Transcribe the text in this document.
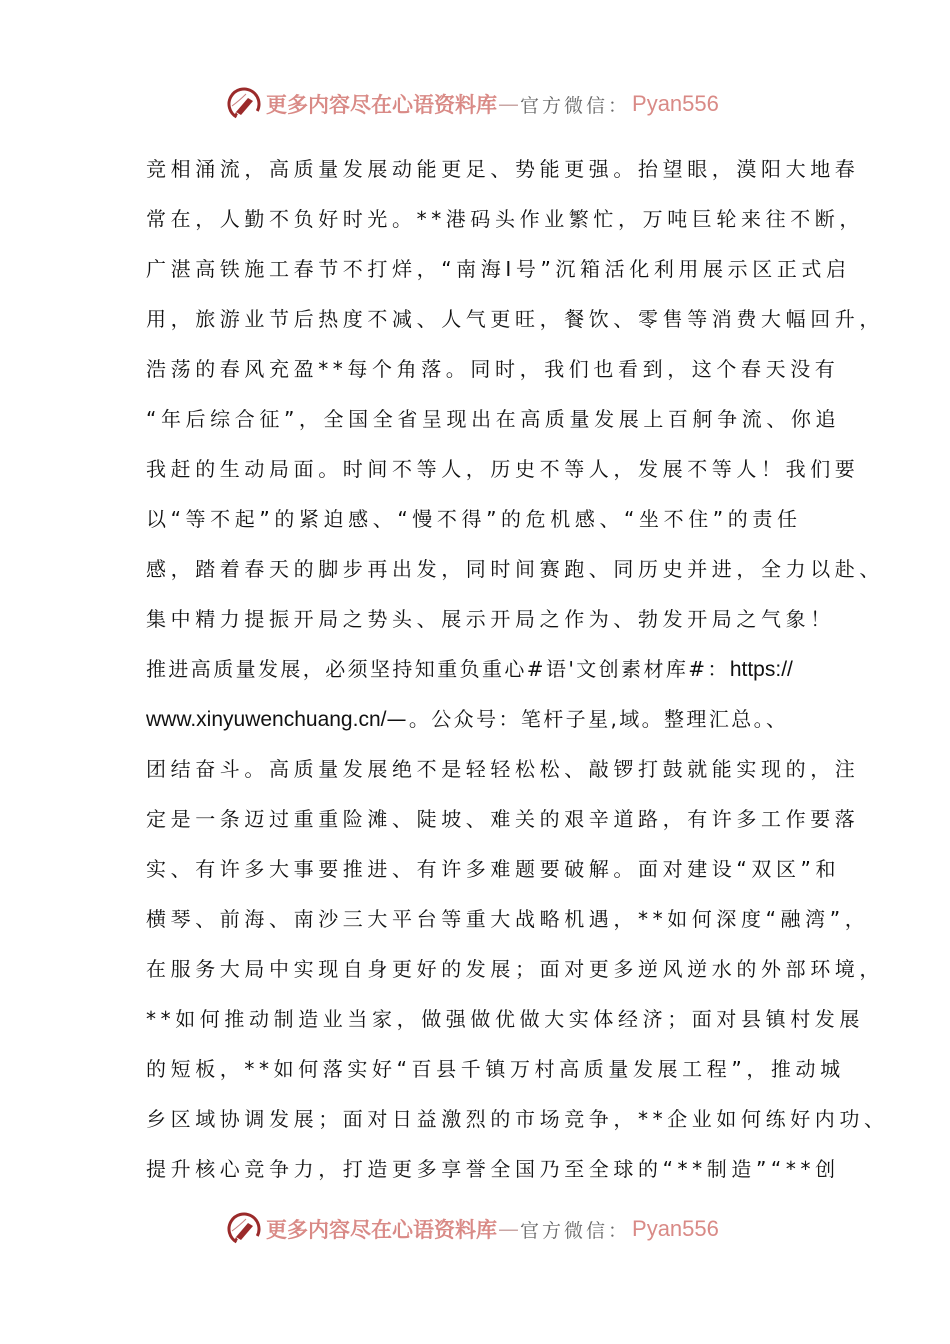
更多内容尽在心语资料库 — 官方微信： Pyan556
竞相涌流，高质量发展动能更足、势能更强。抬望眼，漠阳大地春
常在，人勤不负好时光。**港码头作业繁忙，万吨巨轮来往不断，
广湛高铁施工春节不打烊，“南海Ⅰ号”沉箱活化利用展示区正式启
用，旅游业节后热度不减、人气更旺，餐饮、零售等消费大幅回升，
浩荡的春风充盈**每个角落。同时，我们也看到，这个春天没有
“年后综合征”，全国全省呈现出在高质量发展上百舸争流、你追
我赶的生动局面。时间不等人，历史不等人，发展不等人！我们要
以“等不起”的紧迫感、“慢不得”的危机感、“坐不住”的责任
感，踏着春天的脚步再出发，同时间赛跑、同历史并进，全力以赴、
集中精力提振开局之势头、展示开局之作为、勃发开局之气象！
推进高质量发展，必须坚持知重负重心#语'文创素材库#：https://
www.xinyuwenchuang.cn/—。公众号：笔杆子星,域。整理汇总。、
团结奋斗。高质量发展绝不是轻轻松松、敲锣打鼓就能实现的，注
定是一条迈过重重险滩、陡坡、难关的艰辛道路，有许多工作要落
实、有许多大事要推进、有许多难题要破解。面对建设“双区”和
横琴、前海、南沙三大平台等重大战略机遇，**如何深度“融湾”，
在服务大局中实现自身更好的发展；面对更多逆风逆水的外部环境，
**如何推动制造业当家，做强做优做大实体经济；面对县镇村发展
的短板，**如何落实好“百县千镇万村高质量发展工程”，推动城
乡区域协调发展；面对日益激烈的市场竞争，**企业如何练好内功、
提升核心竞争力，打造更多享誉全国乃至全球的“**制造”“**创
更多内容尽在心语资料库 — 官方微信： Pyan556
